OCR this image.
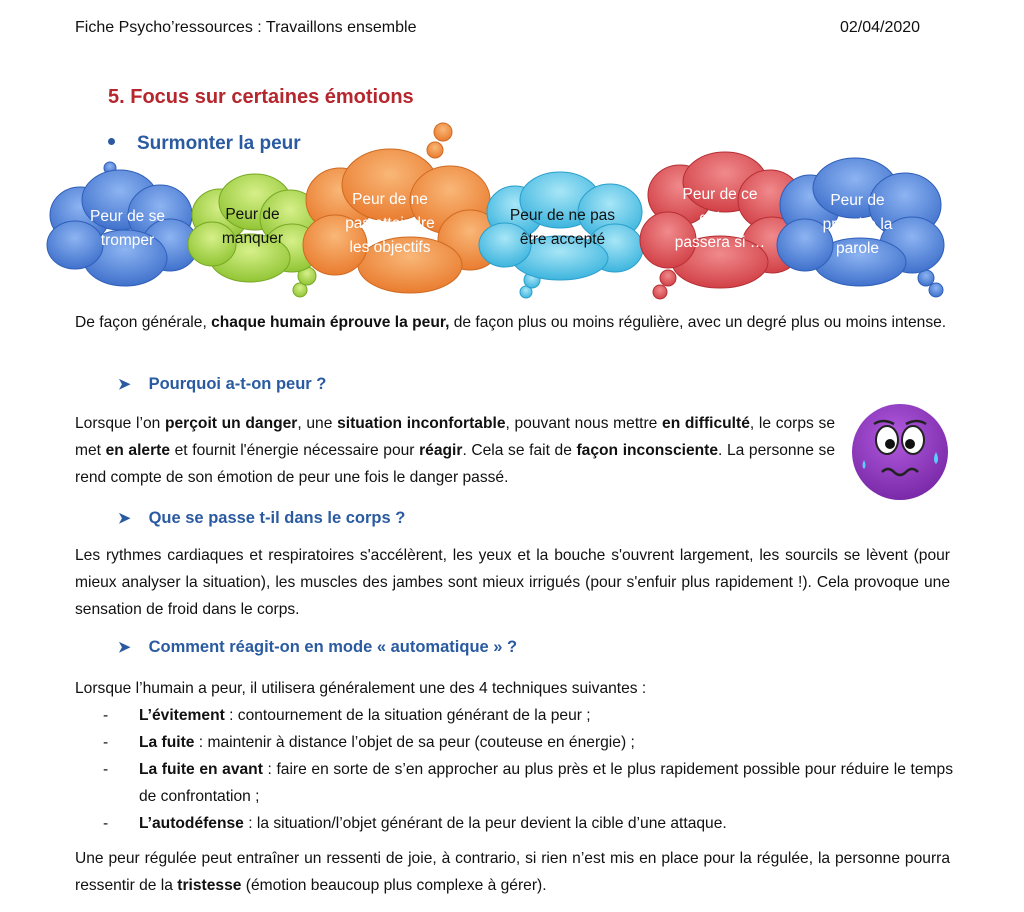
Fiche Psycho’ressources : Travaillons ensemble	02/04/2020
5. Focus sur certaines émotions
Surmonter la peur
Peur de se
tromper
Peur de
manquer
Peur de ne
pas atteindre
les objectifs
Peur de ne pas
être accepté
Peur de ce
qui se
passera si …
Peur de
prendre la
parole
De façon générale, chaque humain éprouve la peur, de façon plus ou moins régulière, avec un degré plus ou moins intense.
➤ Pourquoi a-t-on peur ?
Lorsque l’on perçoit un danger, une situation inconfortable, pouvant nous mettre en difficulté, le corps se met en alerte et fournit l'énergie nécessaire pour réagir. Cela se fait de façon inconsciente. La personne se rend compte de son émotion de peur une fois le danger passé.
➤ Que se passe t-il dans le corps ?
Les rythmes cardiaques et respiratoires s'accélèrent, les yeux et la bouche s'ouvrent largement, les sourcils se lèvent (pour mieux analyser la situation), les muscles des jambes sont mieux irrigués (pour s'enfuir plus rapidement !). Cela provoque une sensation de froid dans le corps.
➤ Comment réagit-on en mode « automatique » ?
Lorsque l’humain a peur, il utilisera généralement une des 4 techniques suivantes :
-	L’évitement : contournement de la situation générant de la peur ;
-	La fuite : maintenir à distance l’objet de sa peur (couteuse en énergie) ;
-	La fuite en avant : faire en sorte de s’en approcher au plus près et le plus rapidement possible pour réduire le temps de confrontation ;
-	L’autodéfense : la situation/l’objet générant de la peur devient la cible d’une attaque.
Une peur régulée peut entraîner un ressenti de joie, à contrario, si rien n’est mis en place pour la régulée, la personne pourra ressentir de la tristesse (émotion beaucoup plus complexe à gérer).
